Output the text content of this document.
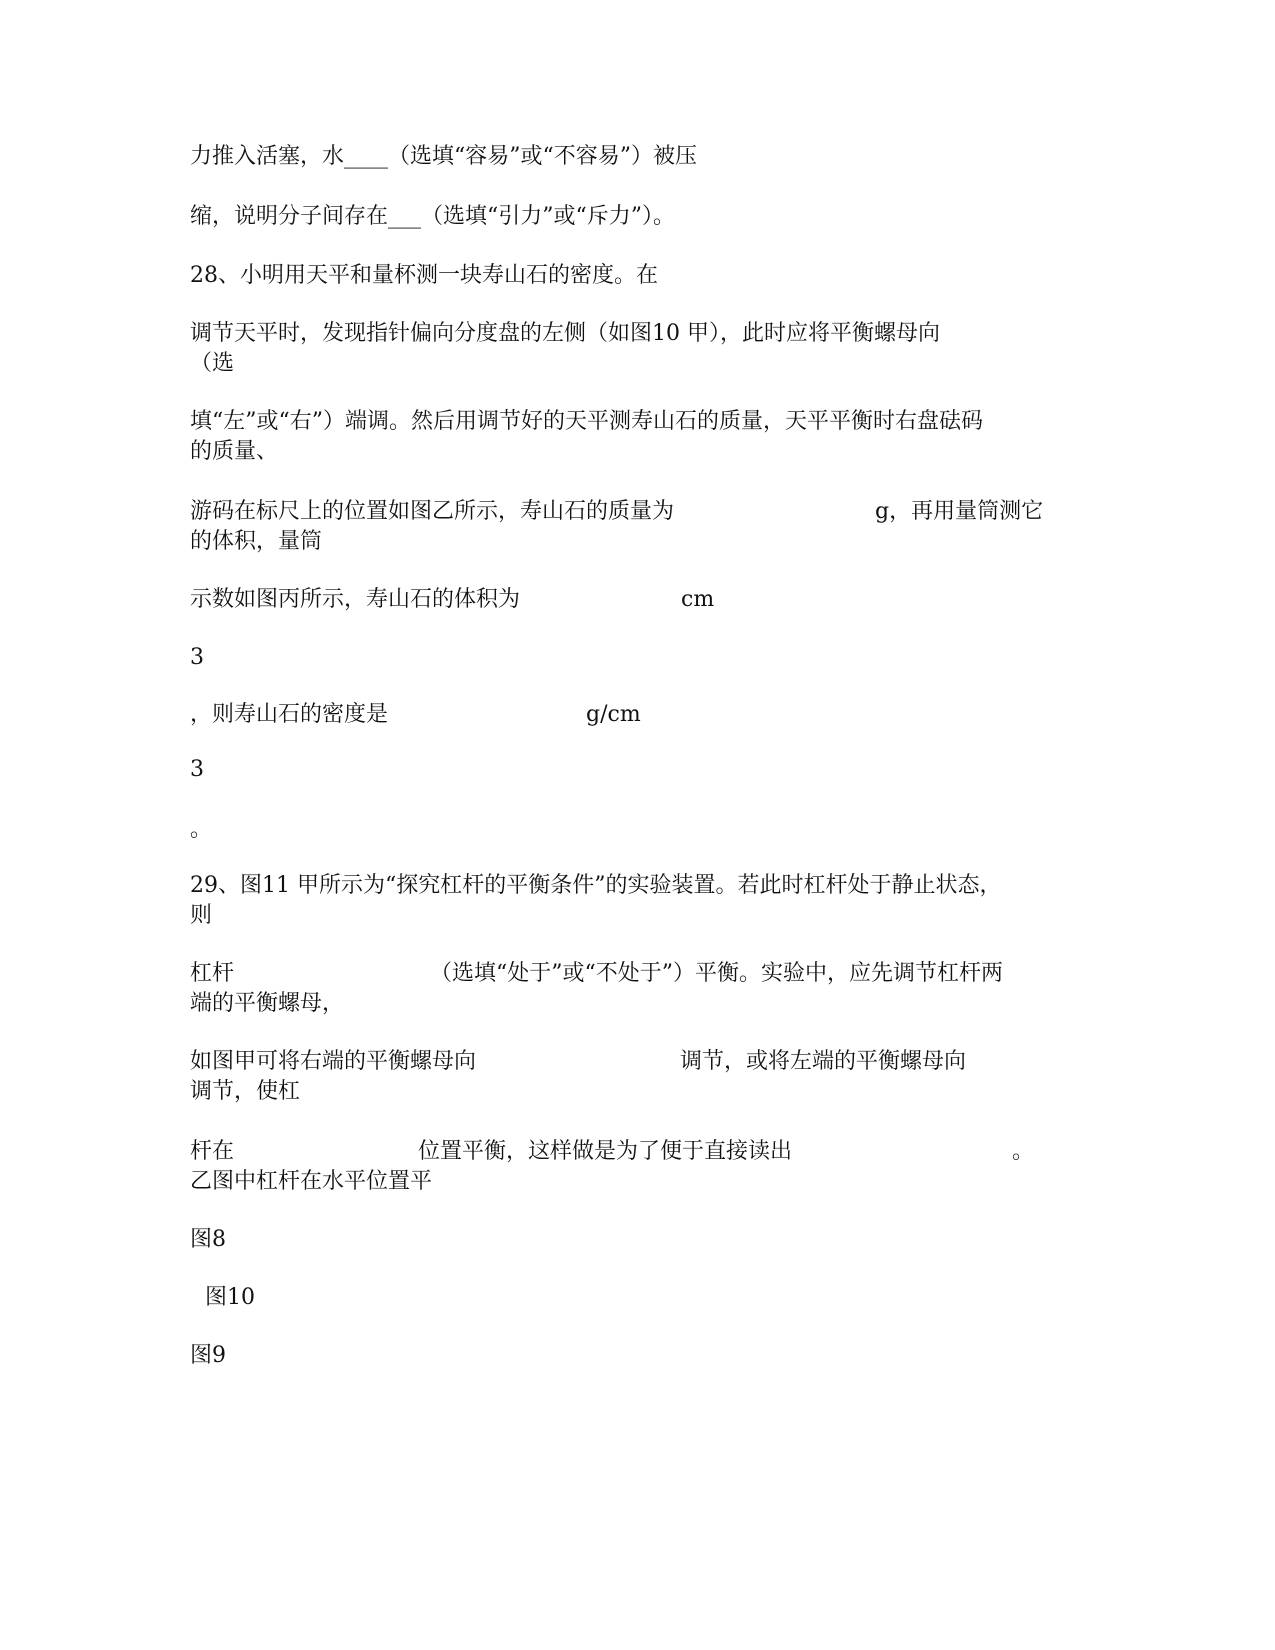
力推入活塞，水____（选填“容易”或“不容易”）被压
缩，说明分子间存在___（选填“引力”或“斥力”）。
28、小明用天平和量杯测一块寿山石的密度。在
调节天平时，发现指针偏向分度盘的左侧（如图10 甲），此时应将平衡螺母向
（选
填“左”或“右”）端调。然后用调节好的天平测寿山石的质量，天平平衡时右盘砝码
的质量、
游码在标尺上的位置如图乙所示，寿山石的质量为	g，再用量筒测它
的体积，量筒
示数如图丙所示，寿山石的体积为	cm
3
，则寿山石的密度是	g/cm
3
。
29、图11 甲所示为“探究杠杆的平衡条件”的实验装置。若此时杠杆处于静止状态，
则
杠杆	（选填“处于”或“不处于”）平衡。实验中，应先调节杠杆两
端的平衡螺母，
如图甲可将右端的平衡螺母向	调节，或将左端的平衡螺母向
调节，使杠
杆在	位置平衡，这样做是为了便于直接读出	。
乙图中杠杆在水平位置平
图8
图10
图9
